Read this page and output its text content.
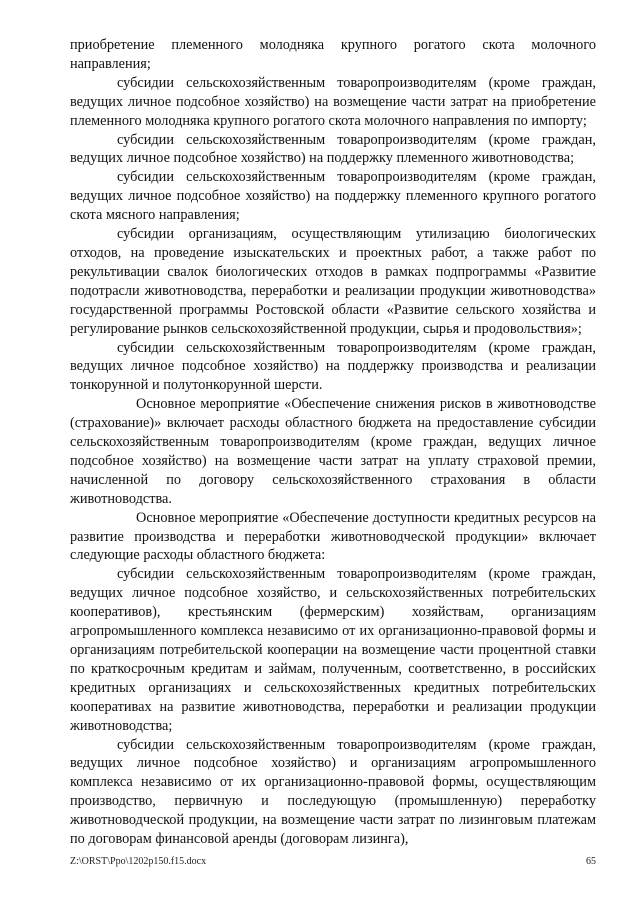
приобретение племенного молодняка крупного рогатого скота молочного направления;

субсидии сельскохозяйственным товаропроизводителям (кроме граждан, ведущих личное подсобное хозяйство) на возмещение части затрат на приобретение племенного молодняка крупного рогатого скота молочного направления по импорту;

субсидии сельскохозяйственным товаропроизводителям (кроме граждан, ведущих личное подсобное хозяйство) на поддержку племенного животноводства;

субсидии сельскохозяйственным товаропроизводителям (кроме граждан, ведущих личное подсобное хозяйство) на поддержку племенного крупного рогатого скота мясного направления;

субсидии организациям, осуществляющим утилизацию биологических отходов, на проведение изыскательских и проектных работ, а также работ по рекультивации свалок биологических отходов в рамках подпрограммы «Развитие подотрасли животноводства, переработки и реализации продукции животноводства» государственной программы Ростовской области «Развитие сельского хозяйства и регулирование рынков сельскохозяйственной продукции, сырья и продовольствия»;

субсидии сельскохозяйственным товаропроизводителям (кроме граждан, ведущих личное подсобное хозяйство) на поддержку производства и реализации тонкорунной и полутонкорунной шерсти.

Основное мероприятие «Обеспечение снижения рисков в животноводстве (страхование)» включает расходы областного бюджета на предоставление субсидии сельскохозяйственным товаропроизводителям (кроме граждан, ведущих личное подсобное хозяйство) на возмещение части затрат на уплату страховой премии, начисленной по договору сельскохозяйственного страхования в области животноводства.

Основное мероприятие «Обеспечение доступности кредитных ресурсов на развитие производства и переработки животноводческой продукции» включает следующие расходы областного бюджета:

субсидии сельскохозяйственным товаропроизводителям (кроме граждан, ведущих личное подсобное хозяйство, и сельскохозяйственных потребительских кооперативов), крестьянским (фермерским) хозяйствам, организациям агропромышленного комплекса независимо от их организационно-правовой формы и организациям потребительской кооперации на возмещение части процентной ставки по краткосрочным кредитам и займам, полученным, соответственно, в российских кредитных организациях и сельскохозяйственных кредитных потребительских кооперативах на развитие животноводства, переработки и реализации продукции животноводства;

субсидии сельскохозяйственным товаропроизводителям (кроме граждан, ведущих личное подсобное хозяйство) и организациям агропромышленного комплекса независимо от их организационно-правовой формы, осуществляющим производство, первичную и последующую (промышленную) переработку животноводческой продукции, на возмещение части затрат по лизинговым платежам по договорам финансовой аренды (договорам лизинга),

Z:\ORST\Ppo\1202p150.f15.docx	65
